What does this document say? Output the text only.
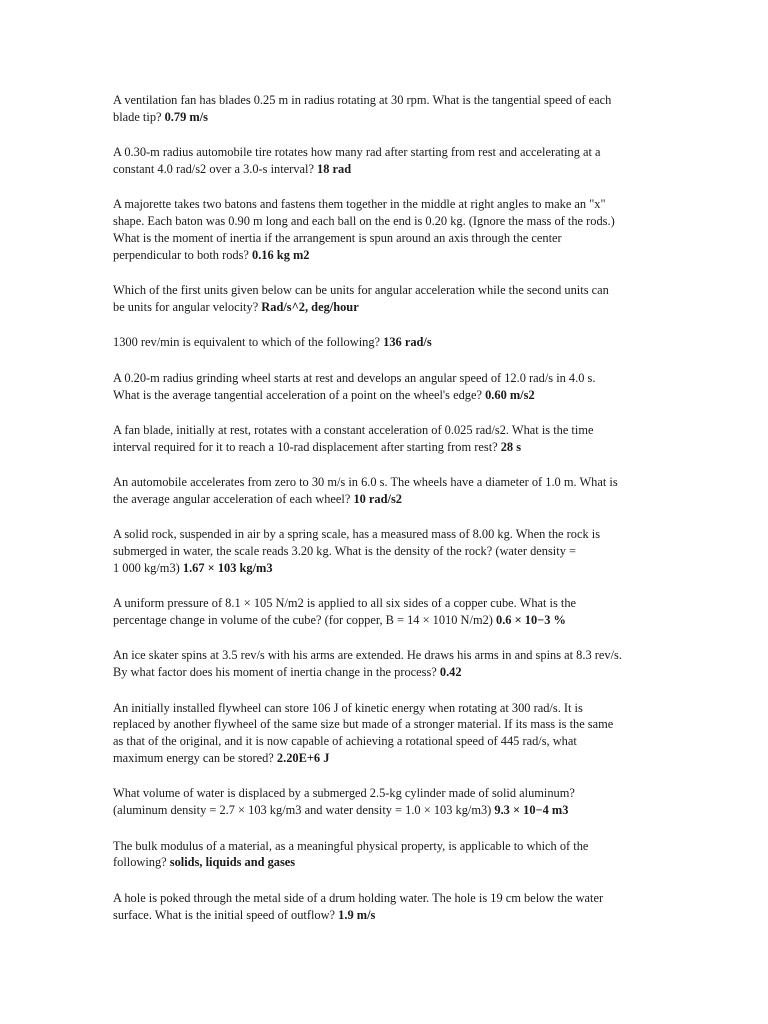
A ventilation fan has blades 0.25 m in radius rotating at 30 rpm. What is the tangential speed of each
blade tip? 0.79 m/s

A 0.30-m radius automobile tire rotates how many rad after starting from rest and accelerating at a
constant 4.0 rad/s2 over a 3.0-s interval? 18 rad

A majorette takes two batons and fastens them together in the middle at right angles to make an "x"
shape. Each baton was 0.90 m long and each ball on the end is 0.20 kg. (Ignore the mass of the rods.)
What is the moment of inertia if the arrangement is spun around an axis through the center
perpendicular to both rods? 0.16 kg m2

Which of the first units given below can be units for angular acceleration while the second units can
be units for angular velocity? Rad/s^2, deg/hour

1300 rev/min is equivalent to which of the following? 136 rad/s

A 0.20-m radius grinding wheel starts at rest and develops an angular speed of 12.0 rad/s in 4.0 s.
What is the average tangential acceleration of a point on the wheel's edge? 0.60 m/s2

A fan blade, initially at rest, rotates with a constant acceleration of 0.025 rad/s2. What is the time
interval required for it to reach a 10-rad displacement after starting from rest? 28 s

An automobile accelerates from zero to 30 m/s in 6.0 s. The wheels have a diameter of 1.0 m. What is
the average angular acceleration of each wheel? 10 rad/s2

A solid rock, suspended in air by a spring scale, has a measured mass of 8.00 kg. When the rock is
submerged in water, the scale reads 3.20 kg. What is the density of the rock? (water density =
1 000 kg/m3) 1.67 × 103 kg/m3

A uniform pressure of 8.1 × 105 N/m2 is applied to all six sides of a copper cube. What is the
percentage change in volume of the cube? (for copper, B = 14 × 1010 N/m2) 0.6 × 10−3 %

An ice skater spins at 3.5 rev/s with his arms are extended. He draws his arms in and spins at 8.3 rev/s.
By what factor does his moment of inertia change in the process? 0.42

An initially installed flywheel can store 106 J of kinetic energy when rotating at 300 rad/s. It is
replaced by another flywheel of the same size but made of a stronger material. If its mass is the same
as that of the original, and it is now capable of achieving a rotational speed of 445 rad/s, what
maximum energy can be stored? 2.20E+6 J

What volume of water is displaced by a submerged 2.5-kg cylinder made of solid aluminum?
(aluminum density = 2.7 × 103 kg/m3 and water density = 1.0 × 103 kg/m3) 9.3 × 10−4 m3

The bulk modulus of a material, as a meaningful physical property, is applicable to which of the
following? solids, liquids and gases

A hole is poked through the metal side of a drum holding water. The hole is 19 cm below the water
surface. What is the initial speed of outflow? 1.9 m/s
